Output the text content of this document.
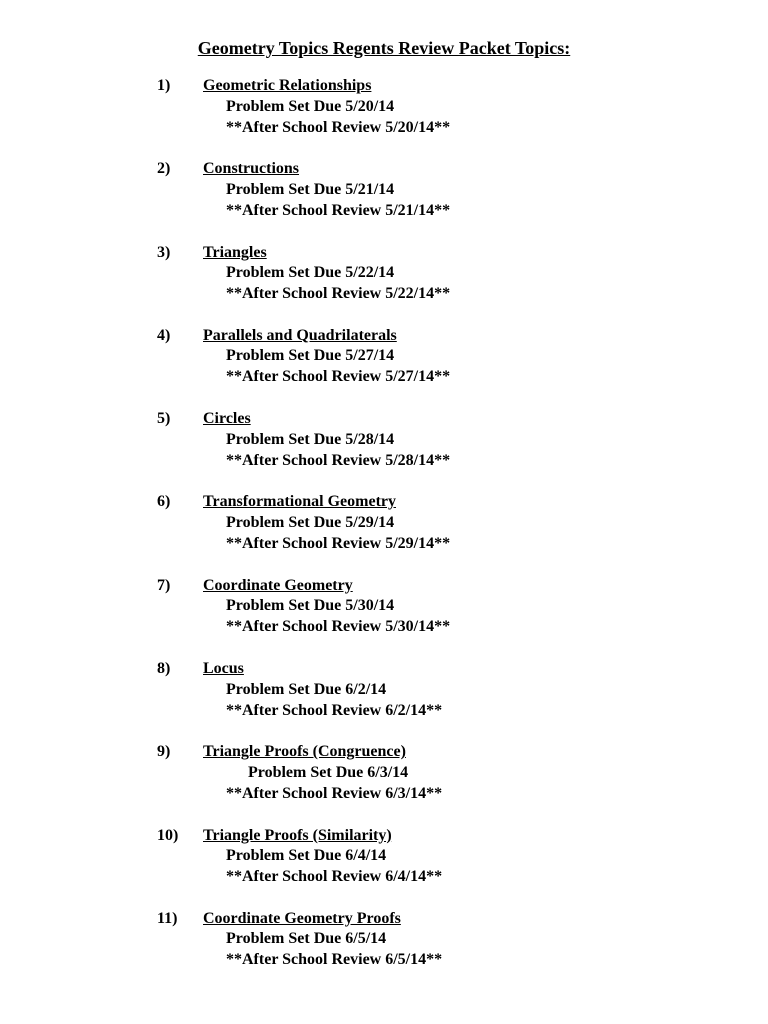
Geometry Topics Regents Review Packet Topics:
1) Geometric Relationships
Problem Set Due 5/20/14
**After School Review 5/20/14**
2) Constructions
Problem Set Due 5/21/14
**After School Review 5/21/14**
3) Triangles
Problem Set Due 5/22/14
**After School Review 5/22/14**
4) Parallels and Quadrilaterals
Problem Set Due 5/27/14
**After School Review 5/27/14**
5) Circles
Problem Set Due 5/28/14
**After School Review 5/28/14**
6) Transformational Geometry
Problem Set Due 5/29/14
**After School Review 5/29/14**
7) Coordinate Geometry
Problem Set Due 5/30/14
**After School Review 5/30/14**
8) Locus
Problem Set Due 6/2/14
**After School Review 6/2/14**
9) Triangle Proofs (Congruence)
Problem Set Due 6/3/14
**After School Review 6/3/14**
10) Triangle Proofs (Similarity)
Problem Set Due 6/4/14
**After School Review 6/4/14**
11) Coordinate Geometry Proofs
Problem Set Due 6/5/14
**After School Review 6/5/14**
